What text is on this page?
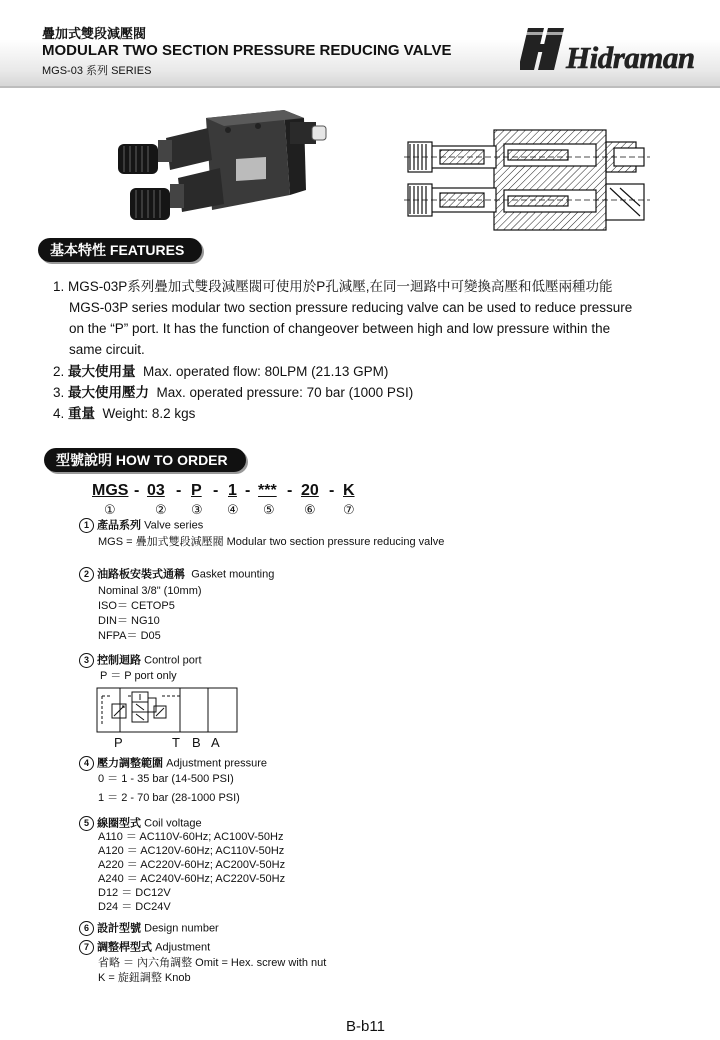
疊加式雙段減壓閥
MODULAR TWO SECTION PRESSURE REDUCING VALVE
MGS-03 系列 SERIES	Hidraman
基本特性 FEATURES
1. MGS-03P系列疊加式雙段減壓閥可使用於P孔減壓,在同一迴路中可變換高壓和低壓兩種功能
MGS-03P series modular two section pressure reducing valve can be used to reduce pressure
on the “P” port. It has the function of changeover between high and low pressure within the
same circuit.
2. 最大使用量 Max. operated flow: 80LPM (21.13 GPM)
3. 最大使用壓力 Max. operated pressure: 70 bar (1000 PSI)
4. 重量 Weight: 8.2 kgs
型號說明 HOW TO ORDER
MGS - 03 - P - 1 - *** - 20 - K
①	② ③ ④ ⑤ ⑥ ⑦
1 產品系列 Valve series
MGS = 疊加式雙段減壓閥 Modular two section pressure reducing valve
2 油路板安裝式通稱 Gasket mounting
Nominal 3/8" (10mm)
ISO＝ CETOP5
DIN＝ NG10
NFPA＝ D05
3 控制迴路 Control port
P ＝ P port only
P	T B A
4 壓力調整範圍 Adjustment pressure
0 ＝ 1 - 35 bar (14-500 PSI)
1 ＝ 2 - 70 bar (28-1000 PSI)
5 線圈型式 Coil voltage
A110 ＝ AC110V-60Hz; AC100V-50Hz
A120 ＝ AC120V-60Hz; AC110V-50Hz
A220 ＝ AC220V-60Hz; AC200V-50Hz
A240 ＝ AC240V-60Hz; AC220V-50Hz
D12 ＝ DC12V
D24 ＝ DC24V
6 設計型號 Design number
7 調整桿型式 Adjustment
省略 ＝ 內六角調整 Omit = Hex. screw with nut
K = 旋鈕調整 Knob
B-b11
